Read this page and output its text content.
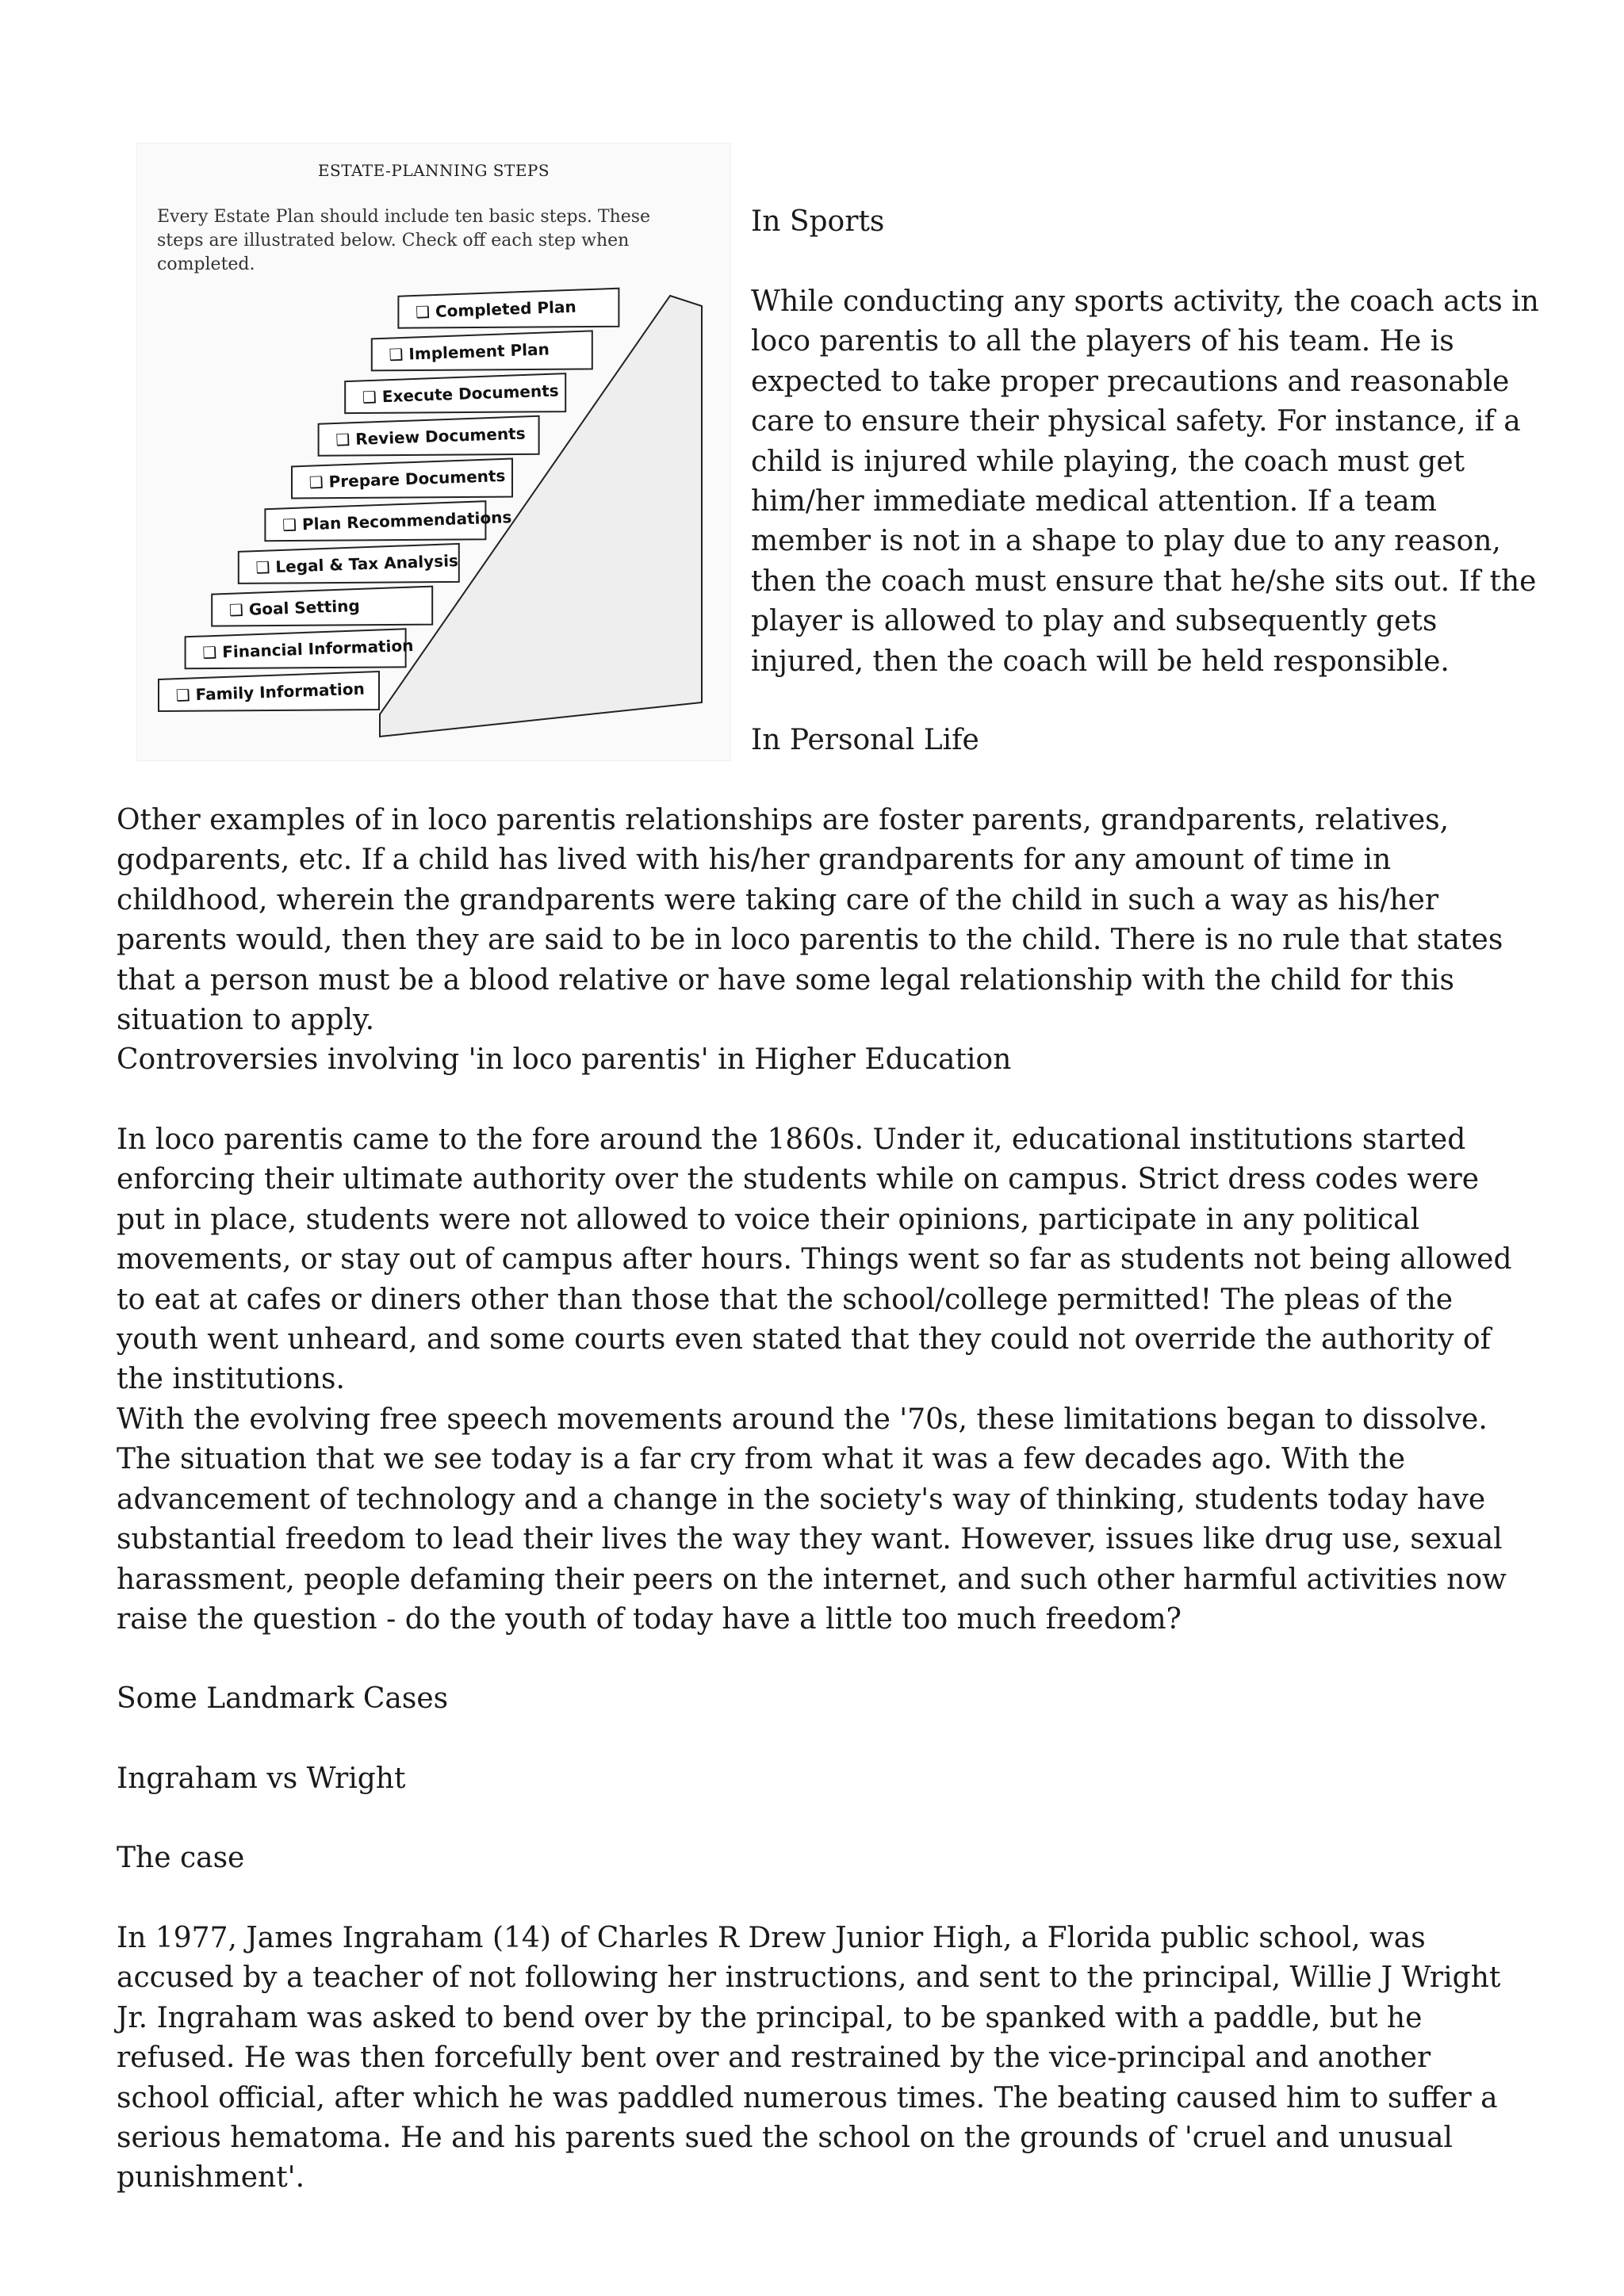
ESTATE-PLANNING STEPS
Every Estate Plan should include ten basic steps. These steps are illustrated below. Check off each step when completed.
❑ Completed Plan
❑ Implement Plan
❑ Execute Documents
❑ Review Documents
❑ Prepare Documents
❑ Plan Recommendations
❑ Legal & Tax Analysis
❑ Goal Setting
❑ Financial Information
❑ Family Information

In Sports

While conducting any sports activity, the coach acts in loco parentis to all the players of his team. He is expected to take proper precautions and reasonable care to ensure their physical safety. For instance, if a child is injured while playing, the coach must get him/her immediate medical attention. If a team member is not in a shape to play due to any reason, then the coach must ensure that he/she sits out. If the player is allowed to play and subsequently gets injured, then the coach will be held responsible.

In Personal Life

Other examples of in loco parentis relationships are foster parents, grandparents, relatives, godparents, etc. If a child has lived with his/her grandparents for any amount of time in childhood, wherein the grandparents were taking care of the child in such a way as his/her parents would, then they are said to be in loco parentis to the child. There is no rule that states that a person must be a blood relative or have some legal relationship with the child for this situation to apply.

Controversies involving 'in loco parentis' in Higher Education

In loco parentis came to the fore around the 1860s. Under it, educational institutions started enforcing their ultimate authority over the students while on campus. Strict dress codes were put in place, students were not allowed to voice their opinions, participate in any political movements, or stay out of campus after hours. Things went so far as students not being allowed to eat at cafes or diners other than those that the school/college permitted! The pleas of the youth went unheard, and some courts even stated that they could not override the authority of the institutions.

With the evolving free speech movements around the '70s, these limitations began to dissolve. The situation that we see today is a far cry from what it was a few decades ago. With the advancement of technology and a change in the society's way of thinking, students today have substantial freedom to lead their lives the way they want. However, issues like drug use, sexual harassment, people defaming their peers on the internet, and such other harmful activities now raise the question - do the youth of today have a little too much freedom?

Some Landmark Cases

Ingraham vs Wright

The case

In 1977, James Ingraham (14) of Charles R Drew Junior High, a Florida public school, was accused by a teacher of not following her instructions, and sent to the principal, Willie J Wright Jr. Ingraham was asked to bend over by the principal, to be spanked with a paddle, but he refused. He was then forcefully bent over and restrained by the vice-principal and another school official, after which he was paddled numerous times. The beating caused him to suffer a serious hematoma. He and his parents sued the school on the grounds of 'cruel and unusual punishment'.
